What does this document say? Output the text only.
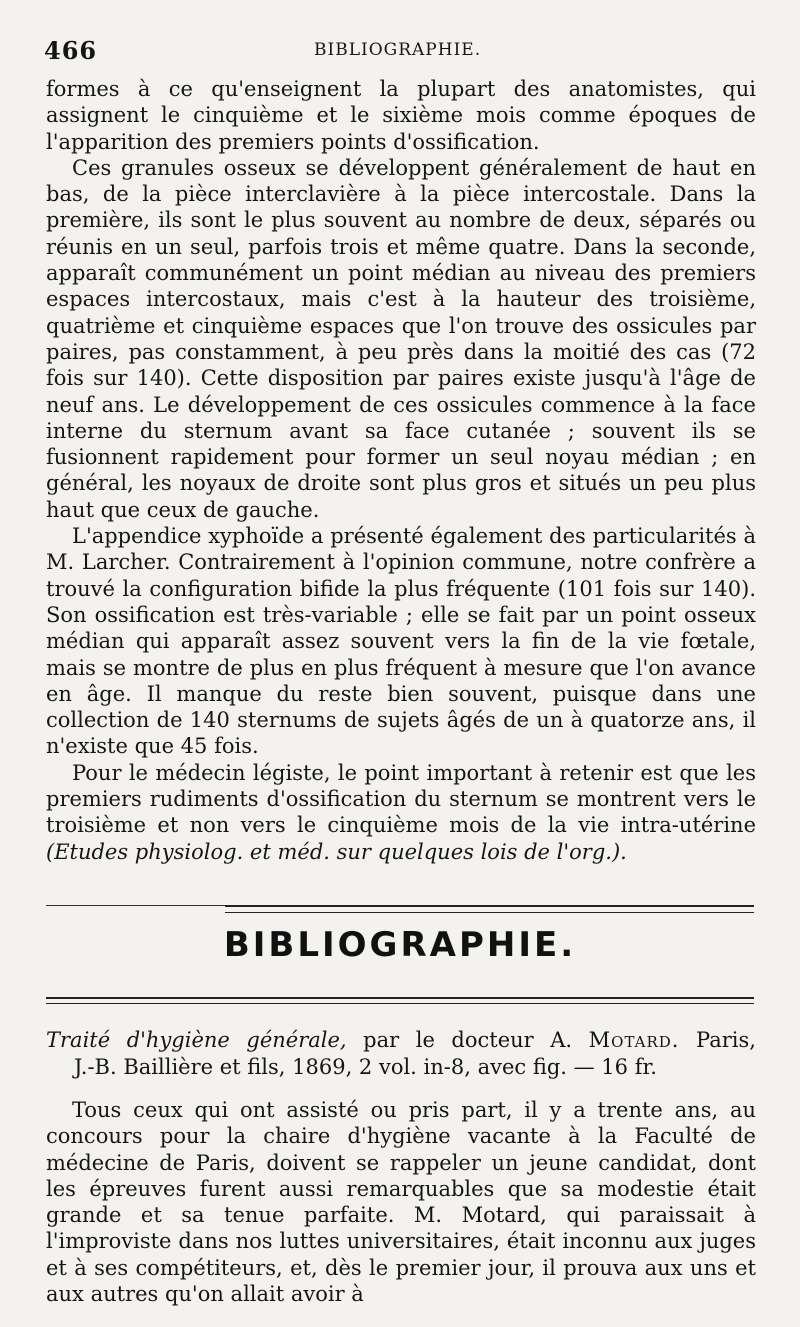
466	BIBLIOGRAPHIE.

formes à ce qu'enseignent la plupart des anatomistes, qui assignent le cinquième et le sixième mois comme époques de l'apparition des premiers points d'ossification.

Ces granules osseux se développent généralement de haut en bas, de la pièce interclavière à la pièce intercostale. Dans la première, ils sont le plus souvent au nombre de deux, séparés ou réunis en un seul, parfois trois et même quatre. Dans la seconde, apparaît communément un point médian au niveau des premiers espaces intercostaux, mais c'est à la hauteur des troisième, quatrième et cinquième espaces que l'on trouve des ossicules par paires, pas constamment, à peu près dans la moitié des cas (72 fois sur 140). Cette disposition par paires existe jusqu'à l'âge de neuf ans. Le développement de ces ossicules commence à la face interne du sternum avant sa face cutanée ; souvent ils se fusionnent rapidement pour former un seul noyau médian ; en général, les noyaux de droite sont plus gros et situés un peu plus haut que ceux de gauche.

L'appendice xyphoïde a présenté également des particularités à M. Larcher. Contrairement à l'opinion commune, notre confrère a trouvé la configuration bifide la plus fréquente (101 fois sur 140). Son ossification est très-variable ; elle se fait par un point osseux médian qui apparaît assez souvent vers la fin de la vie fœtale, mais se montre de plus en plus fréquent à mesure que l'on avance en âge. Il manque du reste bien souvent, puisque dans une collection de 140 sternums de sujets âgés de un à quatorze ans, il n'existe que 45 fois.

Pour le médecin légiste, le point important à retenir est que les premiers rudiments d'ossification du sternum se montrent vers le troisième et non vers le cinquième mois de la vie intra-utérine (Etudes physiolog. et méd. sur quelques lois de l'org.).

BIBLIOGRAPHIE.
Traité d'hygiène générale, par le docteur A. Motard. Paris,
J.-B. Baillière et fils, 1869, 2 vol. in-8, avec fig. — 16 fr.

Tous ceux qui ont assisté ou pris part, il y a trente ans, au concours pour la chaire d'hygiène vacante à la Faculté de médecine de Paris, doivent se rappeler un jeune candidat, dont les épreuves furent aussi remarquables que sa modestie était grande et sa tenue parfaite. M. Motard, qui paraissait à l'improviste dans nos luttes universitaires, était inconnu aux juges et à ses compétiteurs, et, dès le premier jour, il prouva aux uns et aux autres qu'on allait avoir à
